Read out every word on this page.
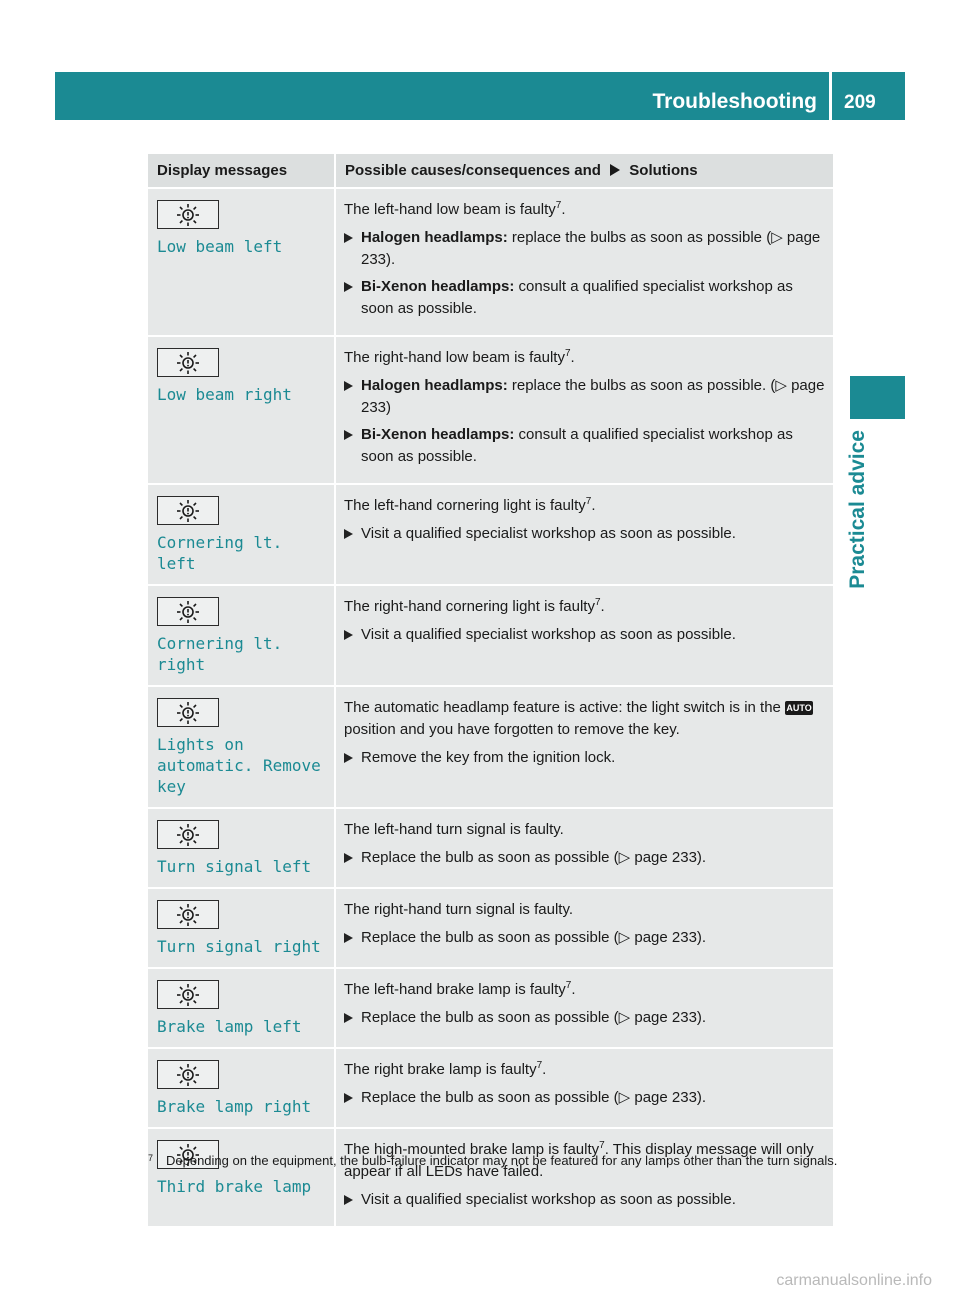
Troubleshooting	209
Practical advice
Display messages	Possible causes/consequences and Solutions

Low beam left	The left-hand low beam is faulty$^7$.
Halogen headlamps: replace the bulbs as soon as possible (▷ page 233).
Bi-Xenon headlamps: consult a qualified specialist workshop as soon as possible.

Low beam right	The right-hand low beam is faulty$^7$.
Halogen headlamps: replace the bulbs as soon as possible. (▷ page 233)
Bi-Xenon headlamps: consult a qualified specialist workshop as soon as possible.

Cornering lt. left	The left-hand cornering light is faulty$^7$.
Visit a qualified specialist workshop as soon as possible.

Cornering lt. right	The right-hand cornering light is faulty$^7$.
Visit a qualified specialist workshop as soon as possible.

Lights on automatic. Remove key	The automatic headlamp feature is active: the light switch is in the AUTOposition and you have forgotten to remove the key.
Remove the key from the ignition lock.

Turn signal left	The left-hand turn signal is faulty.
Replace the bulb as soon as possible (▷ page 233).

Turn signal right	The right-hand turn signal is faulty.
Replace the bulb as soon as possible (▷ page 233).

Brake lamp left	The left-hand brake lamp is faulty$^7$.
Replace the bulb as soon as possible (▷ page 233).

Brake lamp right	The right brake lamp is faulty$^7$.
Replace the bulb as soon as possible (▷ page 233).

Third brake lamp	The high-mounted brake lamp is faulty$^7$. This display message will only appear if all LEDs have failed.
Visit a qualified specialist workshop as soon as possible.
7 Depending on the equipment, the bulb-failure indicator may not be featured for any lamps other than the turn signals.
carmanualsonline.info
